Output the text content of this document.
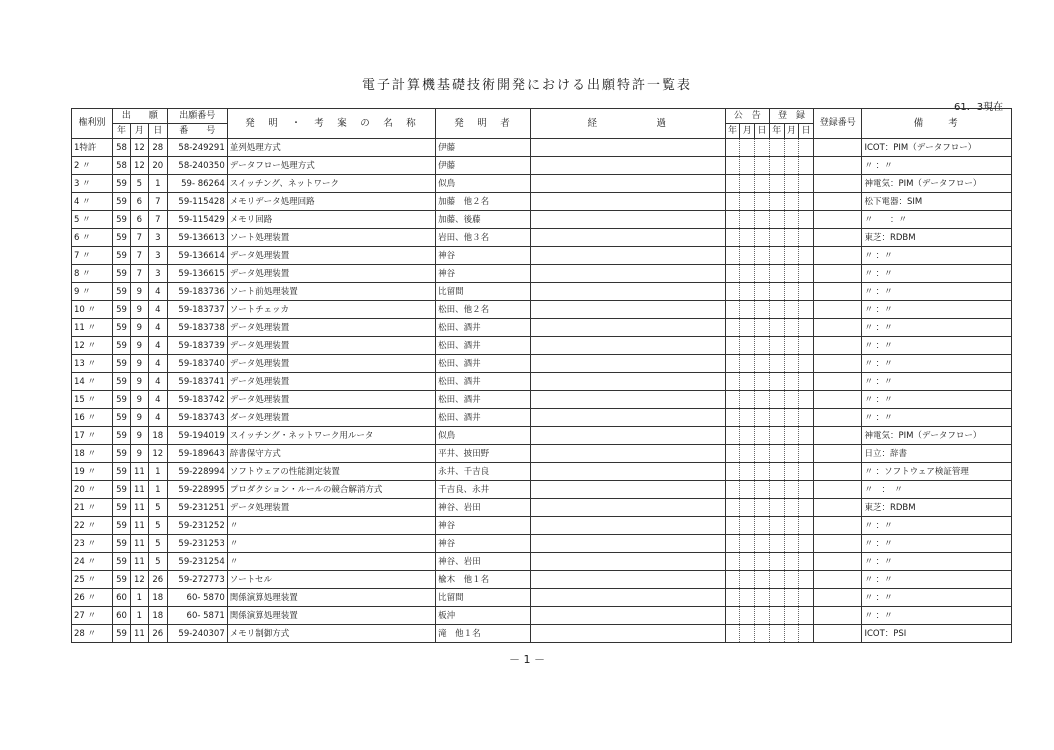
電子計算機基礎技術開発における出願特許一覧表
61．3現在
権利別	出　　願			出願番号	発　明　・　考　案　の　名　称	発　明　者	経　　　　　過	公　告			登　録			登録番号	備　　考
	年	月	日	番　　号				年	月	日	年	月	日		
1特許	58	12	28	58-249291	並列処理方式	伊藤									ICOT：PIM（データフロー）
2 〃	58	12	20	58-240350	データフロー処理方式	伊藤									〃 ：〃
3 〃	59	5	1	59- 86264	スイッチング、ネットワーク	似鳥									神電気：PIM（データフロー）
4 〃	59	6	7	59-115428	メモリデータ処理回路	加藤　他２名									松下電器：SIM
5 〃	59	6	7	59-115429	メモリ回路	加藤、後藤									〃　　：〃
6 〃	59	7	3	59-136613	ソート処理装置	岩田、他３名									東芝：RDBM
7 〃	59	7	3	59-136614	データ処理装置	神谷									〃 ：〃
8 〃	59	7	3	59-136615	データ処理装置	神谷									〃 ：〃
9 〃	59	9	4	59-183736	ソート前処理装置	比留間									〃 ：〃
10 〃	59	9	4	59-183737	ソートチェッカ	松田、他２名									〃 ：〃
11 〃	59	9	4	59-183738	データ処理装置	松田、酒井									〃 ：〃
12 〃	59	9	4	59-183739	データ処理装置	松田、酒井									〃 ：〃
13 〃	59	9	4	59-183740	データ処理装置	松田、酒井									〃 ：〃
14 〃	59	9	4	59-183741	データ処理装置	松田、酒井									〃 ：〃
15 〃	59	9	4	59-183742	データ処理装置	松田、酒井									〃 ：〃
16 〃	59	9	4	59-183743	ダータ処理装置	松田、酒井									〃 ：〃
17 〃	59	9	18	59-194019	スイッチング・ネットワーク用ルータ	似鳥									神電気：PIM（データフロー）
18 〃	59	9	12	59-189643	辞書保守方式	平井、披田野									日立：辞書
19 〃	59	11	1	59-228994	ソフトウェアの性能測定装置	永井、千吉良									〃 ：ソフトウェア検証管理
20 〃	59	11	1	59-228995	プロダクション・ルールの競合解消方式	千吉良、永井									〃　：　〃
21 〃	59	11	5	59-231251	データ処理装置	神谷、岩田									東芝：RDBM
22 〃	59	11	5	59-231252	〃	神谷									〃 ：〃
23 〃	59	11	5	59-231253	〃	神谷									〃 ：〃
24 〃	59	11	5	59-231254	〃	神谷、岩田									〃 ：〃
25 〃	59	12	26	59-272773	ソートセル	楡木　他１名									〃 ：〃
26 〃	60	1	18	60- 5870	関係演算処理装置	比留間									〃 ：〃
27 〃	60	1	18	60- 5871	関係演算処理装置	板沖									〃 ：〃
28 〃	59	11	26	59-240307	メモリ制御方式	滝　他１名									ICOT：PSI
－ 1 －
